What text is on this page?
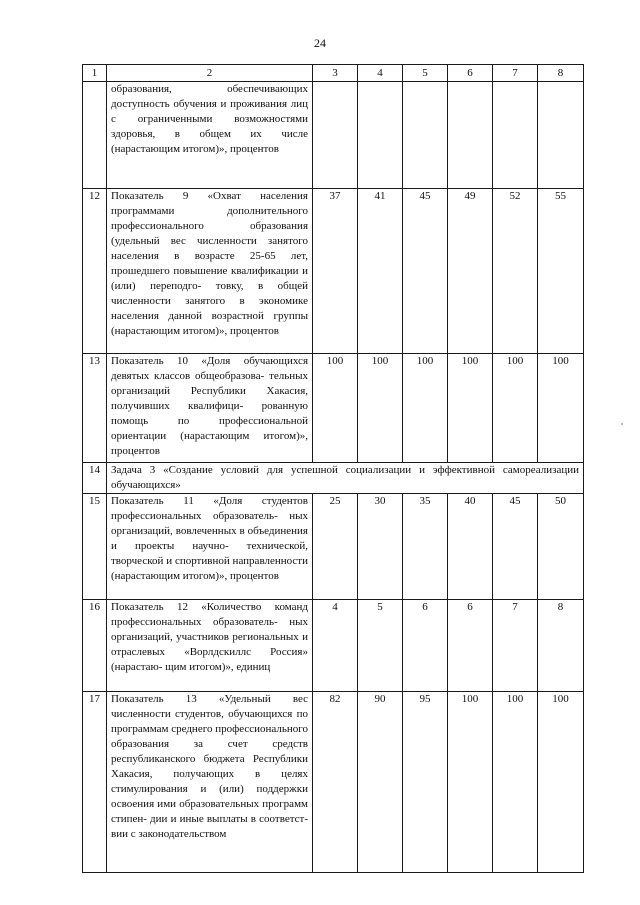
24
1	2	3	4	5	6	7	8

	образования, обеспечивающих доступность обучения и проживания лиц с ограниченными возможностями здоровья, в общем их числе (нарастающим итогом)», процентов						

12	Показатель 9 «Охват населения программами дополнительного профессионального образования (удельный вес численности занятого населения в возрасте 25-65 лет, прошедшего повышение квалификации и (или) переподго- товку, в общей численности занятого в экономике населения данной возрастной группы (нарастающим итогом)», процентов	37	41	45	49	52	55
13	Показатель 10 «Доля обучающихся девятых классов общеобразова- тельных организаций Республики Хакасия, получивших квалифици- рованную помощь по профессиональной ориентации (нарастающим итогом)», процентов	100	100	100	100	100	100
14	Задача 3 «Создание условий для успешной социализации и эффективной самореализации обучающихся»						

15	Показатель 11 «Доля студентов профессиональных образователь- ных организаций, вовлеченных в объединения и проекты научно- технической, творческой и спортивной направленности (нарастающим итогом)», процентов	25	30	35	40	45	50
16	Показатель 12 «Количество команд профессиональных образователь- ных организаций, участников региональных и отраслевых «Ворлдскиллс Россия» (нарастаю- щим итогом)», единиц	4	5	6	6	7	8
17	Показатель 13 «Удельный вес численности студентов, обучающихся по программам среднего профессионального образования за счет средств республиканского бюджета Республики Хакасия, получающих в целях стимулирования и (или) поддержки освоения ими образовательных программ стипен- дии и иные выплаты в соответст- вии с законодательством	82	90	95	100	100	100
